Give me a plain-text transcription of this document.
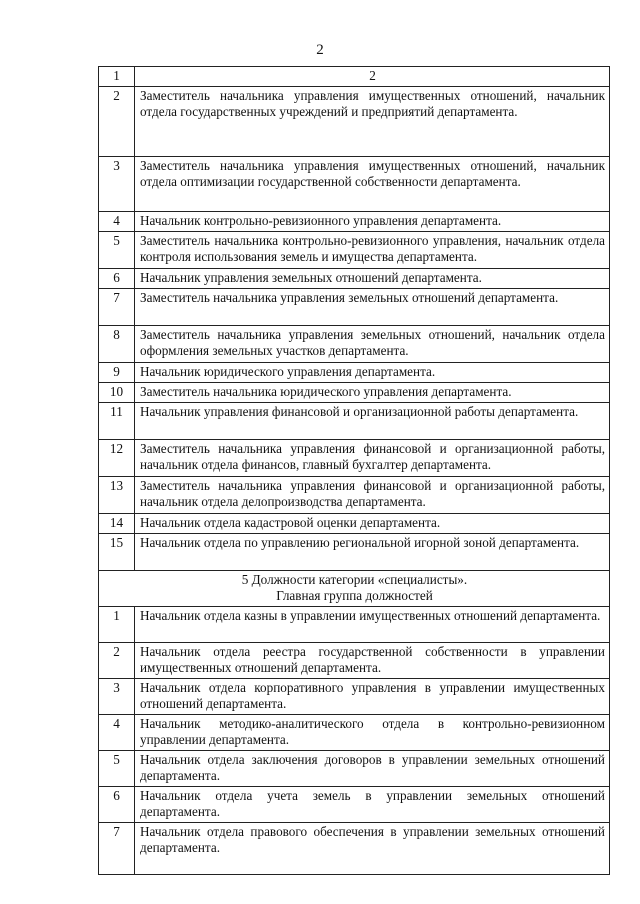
2
1	2
2	Заместитель начальника управления имущественных отношений, начальник отдела государственных учреждений и предприятий департамента.
3	Заместитель начальника управления имущественных отношений, начальник отдела оптимизации государственной собственности департамента.
4	Начальник контрольно-ревизионного управления департамента.
5	Заместитель начальника контрольно-ревизионного управления, начальник отдела контроля использования земель и имущества департамента.
6	Начальник управления земельных отношений департамента.
7	Заместитель начальника управления земельных отношений департамента.
8	Заместитель начальника управления земельных отношений, начальник отдела оформления земельных участков департамента.
9	Начальник юридического управления департамента.
10	Заместитель начальника юридического управления департамента.
11	Начальник управления финансовой и организационной работы департамента.
12	Заместитель начальника управления финансовой и организационной работы, начальник отдела финансов, главный бухгалтер департамента.
13	Заместитель начальника управления финансовой и организационной работы, начальник отдела делопроизводства департамента.
14	Начальник отдела кадастровой оценки департамента.
15	Начальник отдела по управлению региональной игорной зоной департамента.

5 Должности категории «специалисты».
Главная группа должностей	

1	Начальник отдела казны в управлении имущественных отношений департамента.
2	Начальник отдела реестра государственной собственности в управлении имущественных отношений департамента.
3	Начальник отдела корпоративного управления в управлении имущественных отношений департамента.
4	Начальник методико-аналитического отдела в контрольно-ревизионном управлении департамента.
5	Начальник отдела заключения договоров в управлении земельных отношений департамента.
6	Начальник отдела учета земель в управлении земельных отношений департамента.
7	Начальник отдела правового обеспечения в управлении земельных отношений департамента.
